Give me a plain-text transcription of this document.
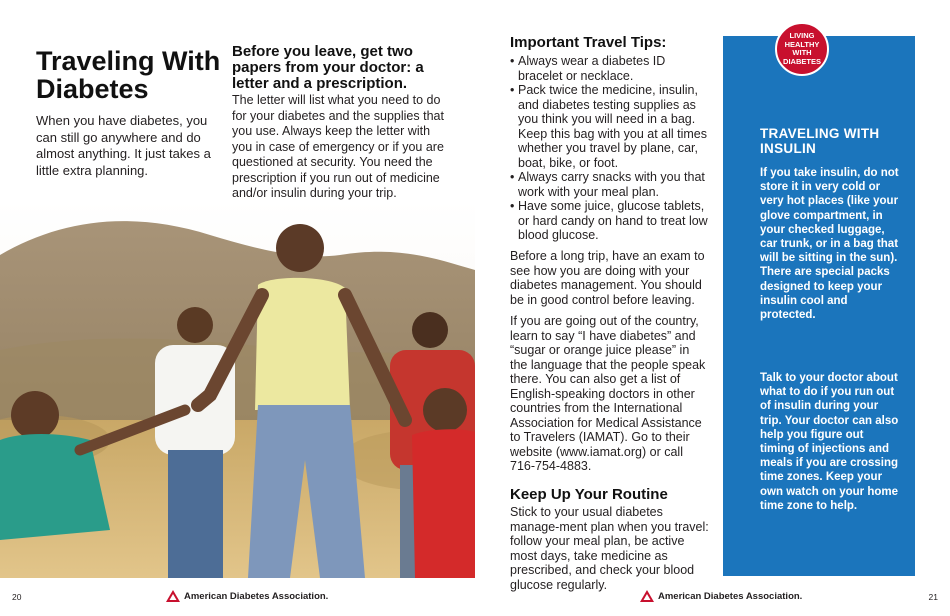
Traveling With Diabetes

When you have diabetes, you can still go anywhere and do almost anything. It just takes a little extra planning.

Before you leave, get two papers from your doctor: a letter and a prescription.

The letter will list what you need to do for your diabetes and the supplies that you use. Always keep the letter with you in case of emergency or if you are questioned at security. You need the prescription if you run out of medicine and/or insulin during your trip.

20	American Diabetes Association.
Important Travel Tips:
• Always wear a diabetes ID bracelet or necklace.
• Pack twice the medicine, insulin, and diabetes testing supplies as you think you will need in a bag. Keep this bag with you at all times whether you travel by plane, car, boat, bike, or foot.
• Always carry snacks with you that work with your meal plan.
• Have some juice, glucose tablets, or hard candy on hand to treat low blood glucose.

Before a long trip, have an exam to see how you are doing with your diabetes management. You should be in good control before leaving.

If you are going out of the country, learn to say “I have diabetes” and “sugar or orange juice please” in the language that the people speak there. You can also get a list of English-speaking doctors in other countries from the International Association for Medical Assistance to Travelers (IAMAT). Go to their website (www.iamat.org) or call 716-754-4883.

Keep Up Your Routine

Stick to your usual diabetes manage-ment plan when you travel: follow your meal plan, be active most days, take medicine as prescribed, and check your blood glucose regularly.

LIVING HEALTHY WITH DIABETES
TRAVELING WITH INSULIN

If you take insulin, do not store it in very cold or very hot places (like your glove compartment, in your checked luggage, car trunk, or in a bag that will be sitting in the sun). There are special packs designed to keep your insulin cool and protected.

Talk to your doctor about what to do if you run out of insulin during your trip. Your doctor can also help you figure out timing of injections and meals if you are crossing time zones. Keep your own watch on your home time zone to help.

21
American Diabetes Association.
